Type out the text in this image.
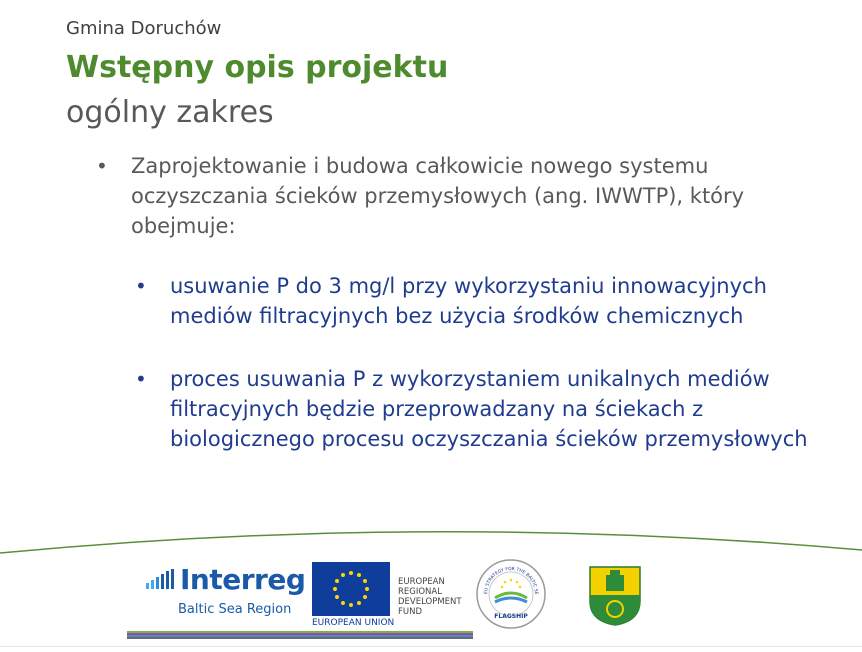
Gmina Doruchów
Wstępny opis projektu
ogólny zakres
• Zaprojektowanie i budowa całkowicie nowego systemu oczyszczania ścieków przemysłowych (ang. IWWTP), który obejmuje:
• usuwanie P do 3 mg/l przy wykorzystaniu innowacyjnych mediów filtracyjnych bez użycia środków chemicznych
• proces usuwania P z wykorzystaniem unikalnych mediów filtracyjnych będzie przeprowadzany na ściekach z biologicznego procesu oczyszczania ścieków przemysłowych
Interreg
Baltic Sea Region
EUROPEAN UNION
EUROPEAN REGIONAL DEVELOPMENT FUND
EU STRATEGY FOR THE BALTIC SE
FLAGSHIP
